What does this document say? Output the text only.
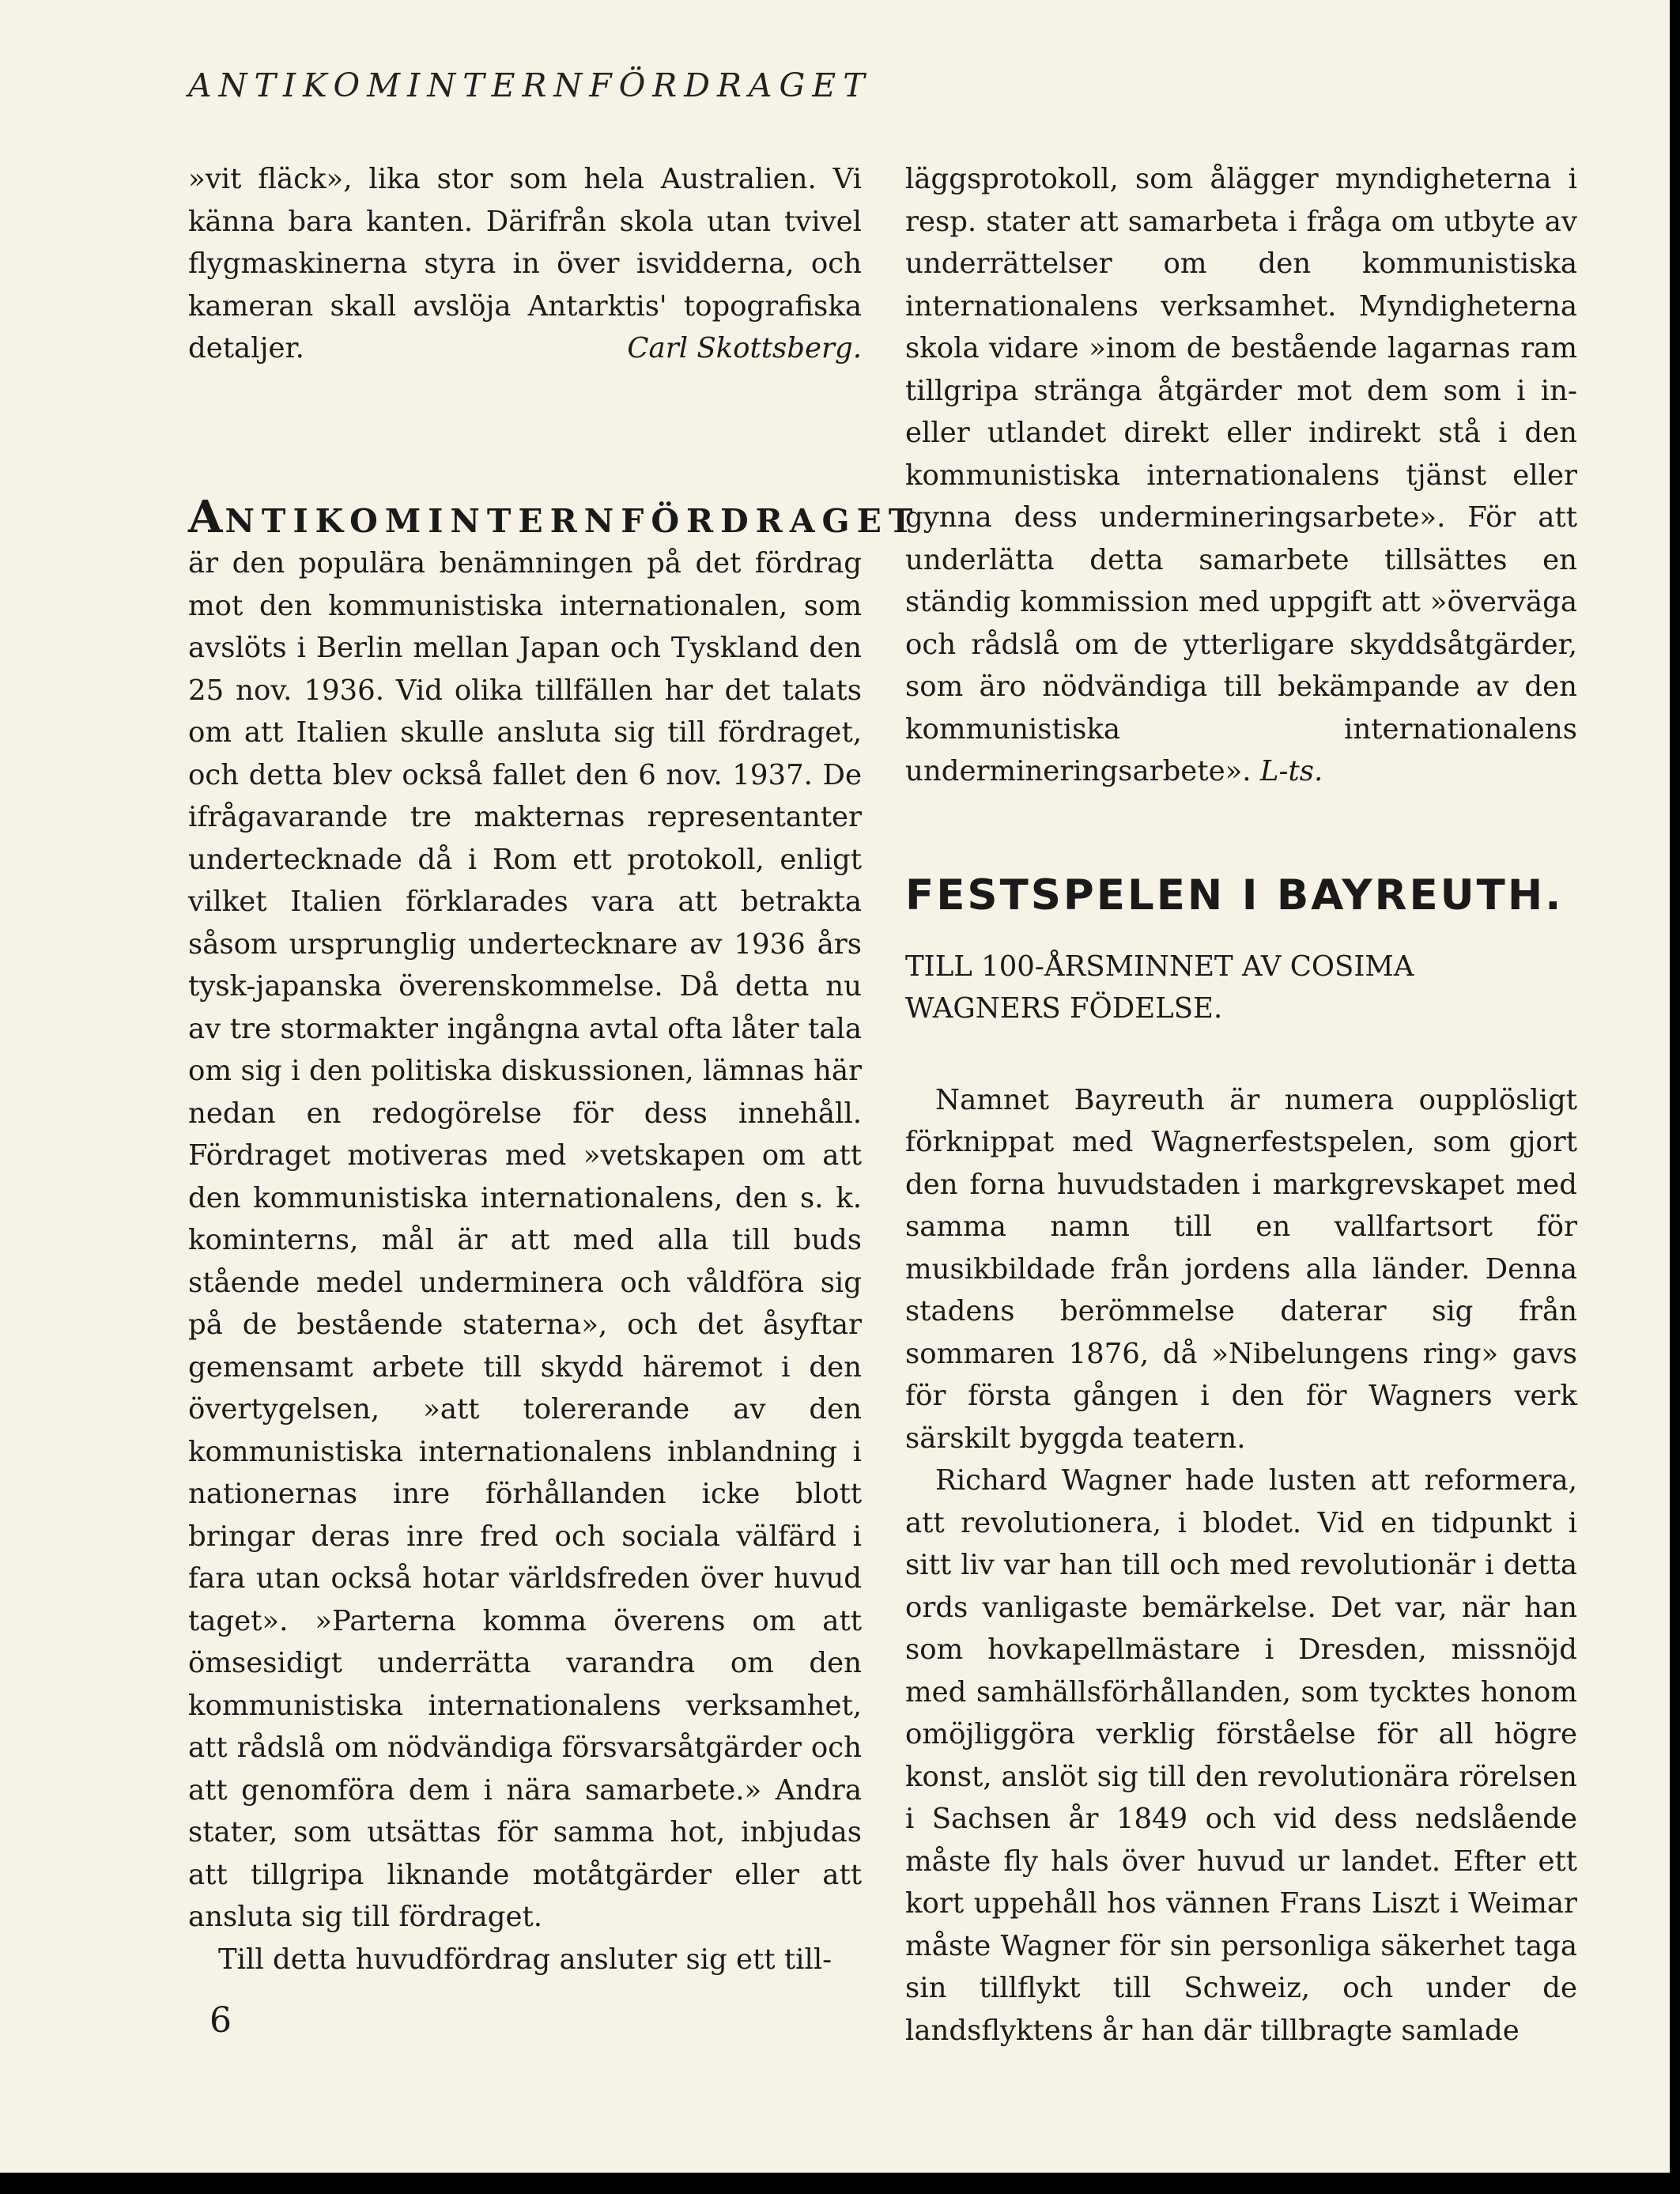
ANTIKOMINTERNFÖRDRAGET

»vit fläck», lika stor som hela Australien. Vi känna bara kanten. Därifrån skola utan tvivel flygmaskinerna styra in över isvidderna, och kameran skall avslöja Antarktis' topografiska detaljer.	Carl Skottsberg.

ANTIKOMINTERNFÖRDRAGET

är den populära benämningen på det fördrag mot den kommunistiska internationalen, som avslöts i Berlin mellan Japan och Tyskland den 25 nov. 1936. Vid olika tillfällen har det talats om att Italien skulle ansluta sig till fördraget, och detta blev också fallet den 6 nov. 1937. De ifrågavarande tre makternas representanter undertecknade då i Rom ett protokoll, enligt vilket Italien förklarades vara att betrakta såsom ursprunglig undertecknare av 1936 års tysk-japanska överenskommelse. Då detta nu av tre stormakter ingångna avtal ofta låter tala om sig i den politiska diskussionen, lämnas här nedan en redogörelse för dess innehåll. Fördraget motiveras med »vetskapen om att den kommunistiska internationalens, den s. k. kominterns, mål är att med alla till buds stående medel underminera och våldföra sig på de bestående staterna», och det åsyftar gemensamt arbete till skydd häremot i den övertygelsen, »att tolererande av den kommunistiska internationalens inblandning i nationernas inre förhållanden icke blott bringar deras inre fred och sociala välfärd i fara utan också hotar världsfreden över huvud taget». »Parterna komma överens om att ömsesidigt underrätta varandra om den kommunistiska internationalens verksamhet, att rådslå om nödvändiga försvarsåtgärder och att genomföra dem i nära samarbete.» Andra stater, som utsättas för samma hot, inbjudas att tillgripa liknande motåtgärder eller att ansluta sig till fördraget.

Till detta huvudfördrag ansluter sig ett till-

läggsprotokoll, som ålägger myndigheterna i resp. stater att samarbeta i fråga om utbyte av underrättelser om den kommunistiska internationalens verksamhet. Myndigheterna skola vidare »inom de bestående lagarnas ram tillgripa stränga åtgärder mot dem som i in- eller utlandet direkt eller indirekt stå i den kommunistiska internationalens tjänst eller gynna dess undermineringsarbete». För att underlätta detta samarbete tillsättes en ständig kommission med uppgift att »överväga och rådslå om de ytterligare skyddsåtgärder, som äro nödvändiga till bekämpande av den kommunistiska internationalens undermineringsarbete». L-ts.

FESTSPELEN I BAYREUTH.

TILL 100-ÅRSMINNET AV COSIMA WAGNERS FÖDELSE.

Namnet Bayreuth är numera oupplösligt förknippat med Wagnerfestspelen, som gjort den forna huvudstaden i markgrevskapet med samma namn till en vallfartsort för musikbildade från jordens alla länder. Denna stadens berömmelse daterar sig från sommaren 1876, då »Nibelungens ring» gavs för första gången i den för Wagners verk särskilt byggda teatern.

Richard Wagner hade lusten att reformera, att revolutionera, i blodet. Vid en tidpunkt i sitt liv var han till och med revolutionär i detta ords vanligaste bemärkelse. Det var, när han som hovkapellmästare i Dresden, missnöjd med samhällsförhållanden, som tycktes honom omöjliggöra verklig förståelse för all högre konst, anslöt sig till den revolutionära rörelsen i Sachsen år 1849 och vid dess nedslående måste fly hals över huvud ur landet. Efter ett kort uppehåll hos vännen Frans Liszt i Weimar måste Wagner för sin personliga säkerhet taga sin tillflykt till Schweiz, och under de landsflyktens år han där tillbragte samlade

6
